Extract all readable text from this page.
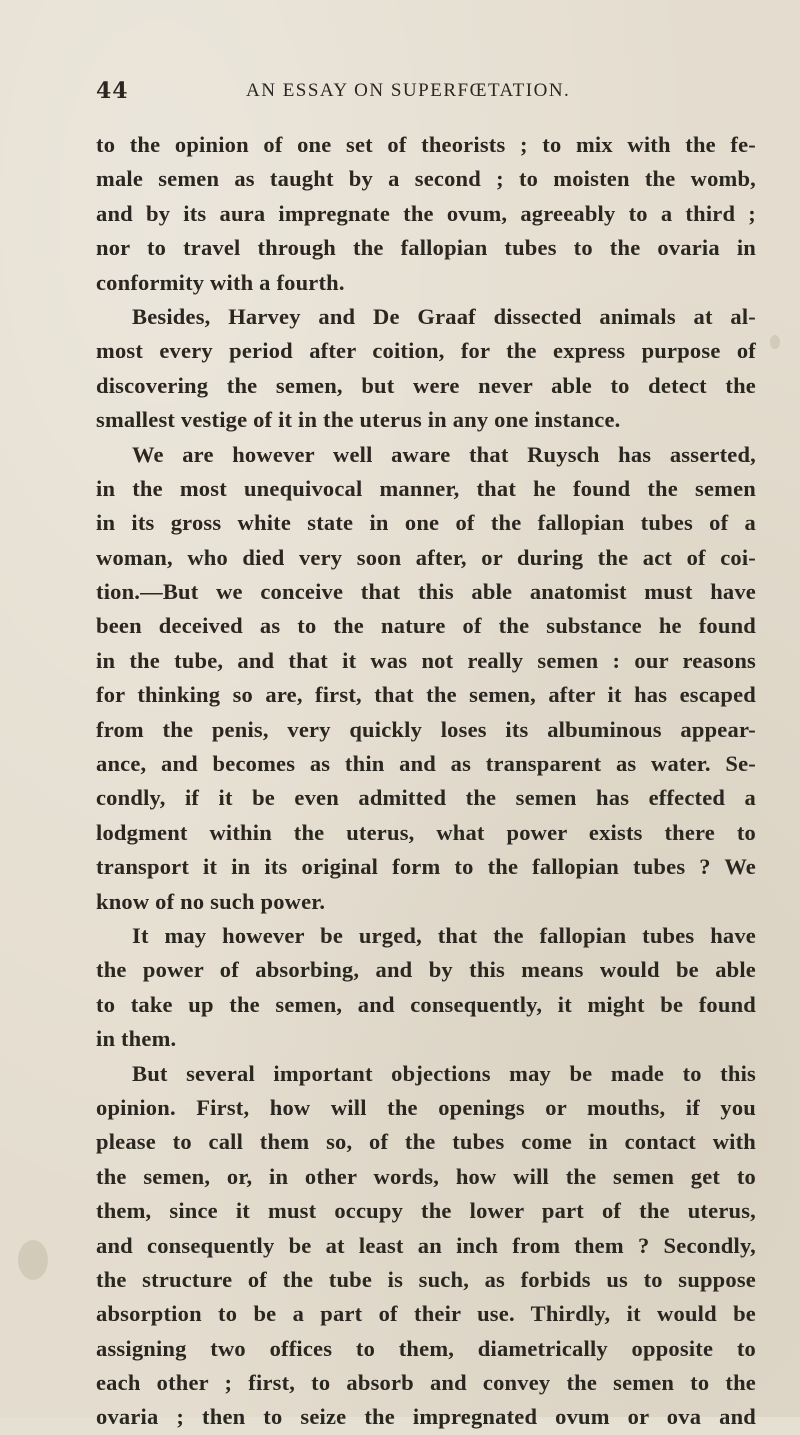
44	AN ESSAY ON SUPERFŒTATION.
to the opinion of one set of theorists ; to mix with the fe-
male semen as taught by a second ; to moisten the womb,
and by its aura impregnate the ovum, agreeably to a third ;
nor to travel through the fallopian tubes to the ovaria in
conformity with a fourth.
Besides, Harvey and De Graaf dissected animals at al-
most every period after coition, for the express purpose of
discovering the semen, but were never able to detect the
smallest vestige of it in the uterus in any one instance.
We are however well aware that Ruysch has asserted,
in the most unequivocal manner, that he found the semen
in its gross white state in one of the fallopian tubes of a
woman, who died very soon after, or during the act of coi-
tion.—But we conceive that this able anatomist must have
been deceived as to the nature of the substance he found
in the tube, and that it was not really semen : our reasons
for thinking so are, first, that the semen, after it has escaped
from the penis, very quickly loses its albuminous appear-
ance, and becomes as thin and as transparent as water. Se-
condly, if it be even admitted the semen has effected a
lodgment within the uterus, what power exists there to
transport it in its original form to the fallopian tubes ? We
know of no such power.
It may however be urged, that the fallopian tubes have
the power of absorbing, and by this means would be able
to take up the semen, and consequently, it might be found
in them.
But several important objections may be made to this
opinion. First, how will the openings or mouths, if you
please to call them so, of the tubes come in contact with
the semen, or, in other words, how will the semen get to
them, since it must occupy the lower part of the uterus,
and consequently be at least an inch from them ? Secondly,
the structure of the tube is such, as forbids us to suppose
absorption to be a part of their use. Thirdly, it would be
assigning two offices to them, diametrically opposite to
each other ; first, to absorb and convey the semen to the
ovaria ; then to seize the impregnated ovum or ova and
